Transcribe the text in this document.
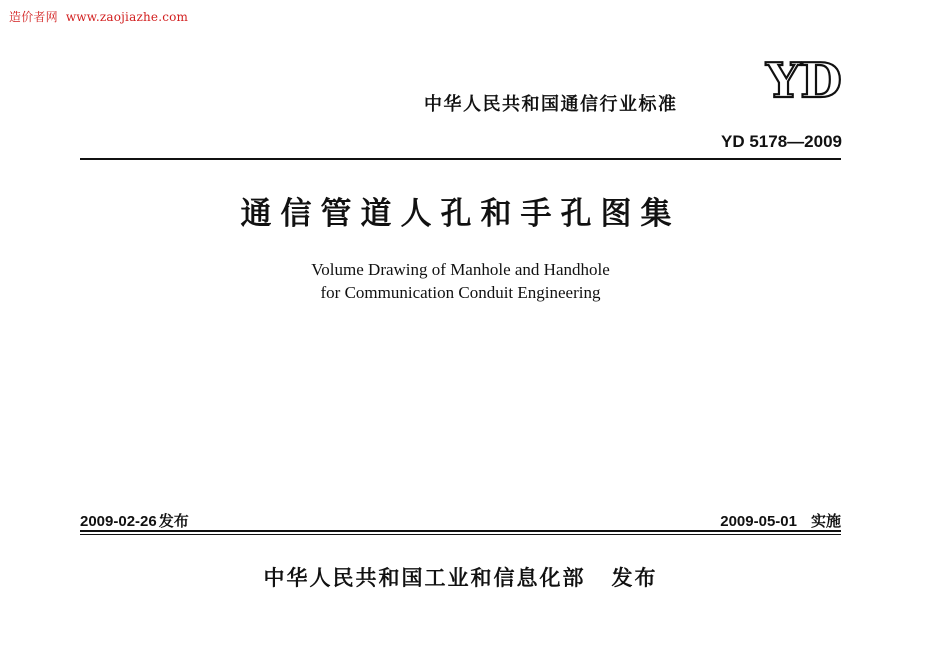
造价者网 www.zaojiazhe.com
YD
中华人民共和国通信行业标准
YD 5178—2009
通信管道人孔和手孔图集
Volume Drawing of Manhole and Handhole
for Communication Conduit Engineering
2009-02-26 发布	2009-05-01 实施
中华人民共和国工业和信息化部 发布
